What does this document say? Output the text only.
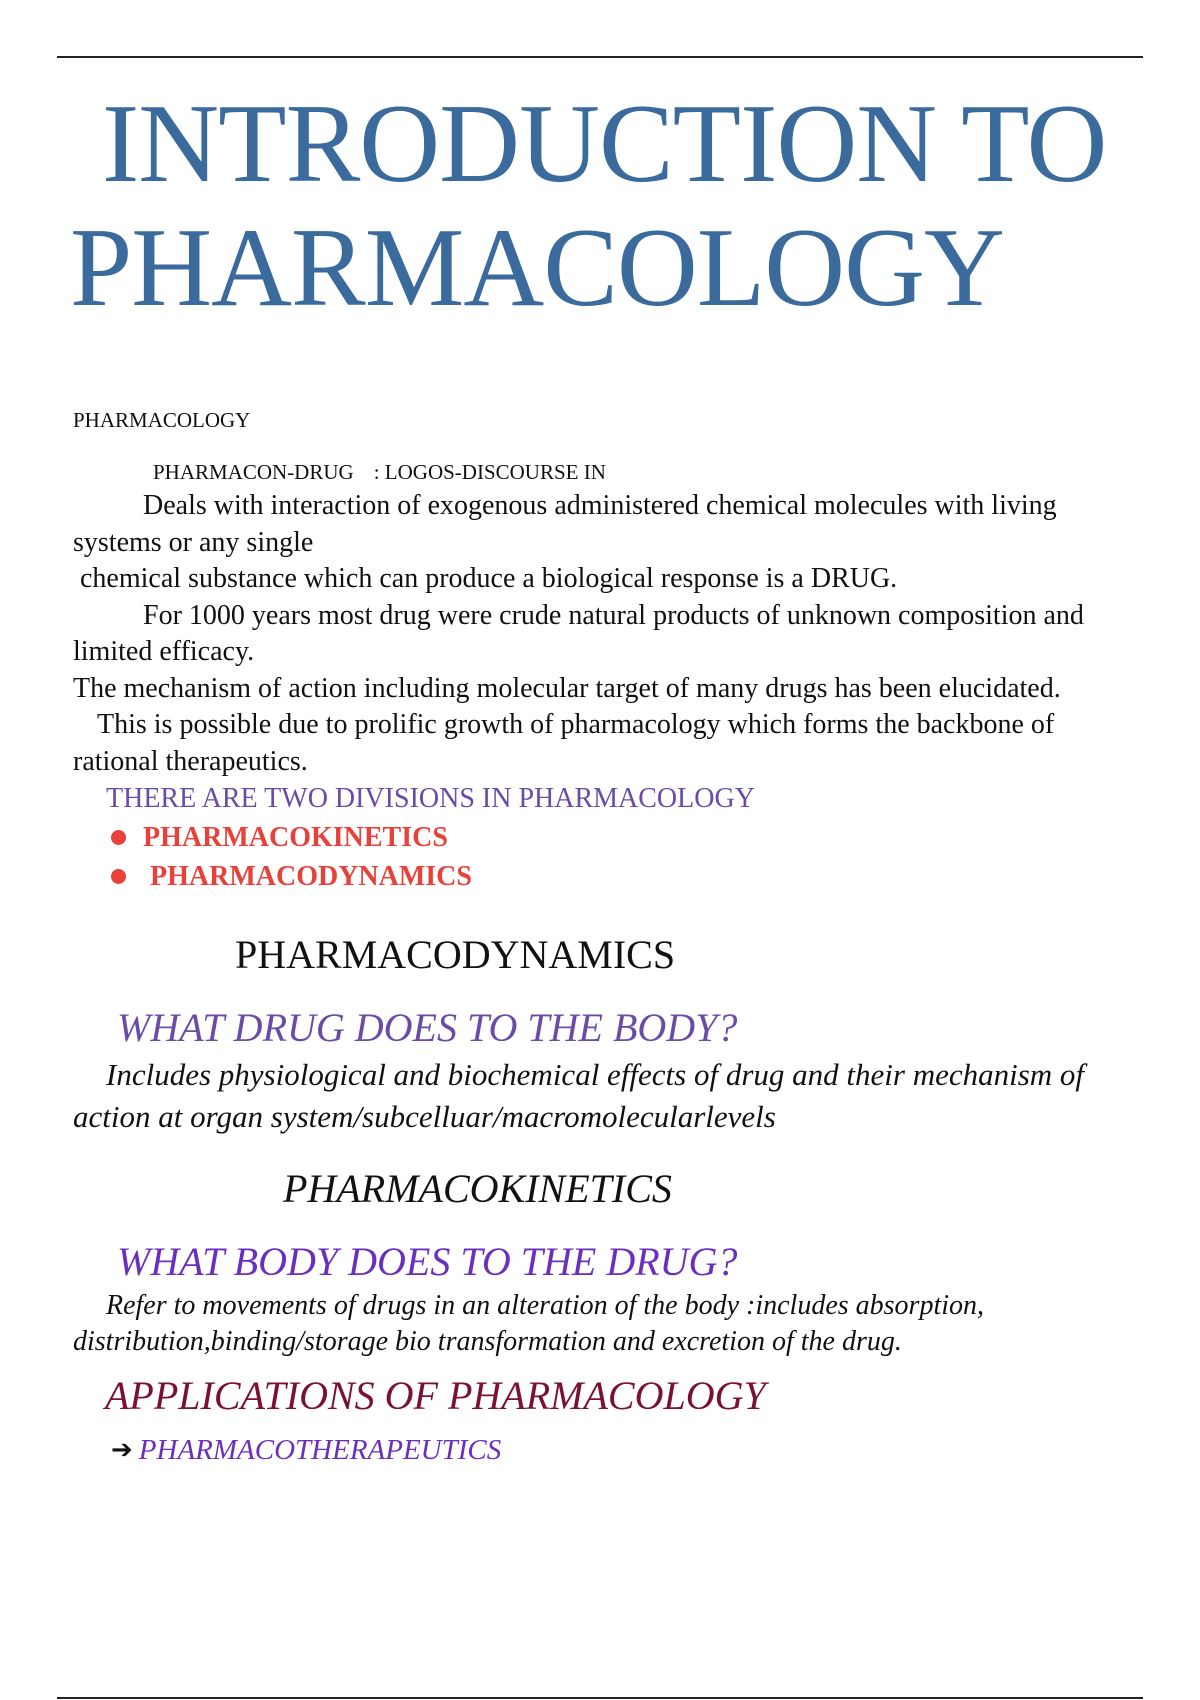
INTRODUCTION TO
PHARMACOLOGY

PHARMACOLOGY

PHARMACON-DRUG : LOGOS-DISCOURSE IN

Deals with interaction of exogenous administered chemical molecules with living systems or any single

chemical substance which can produce a biological response is a DRUG.

For 1000 years most drug were crude natural products of unknown composition and limited efficacy.

The mechanism of action including molecular target of many drugs has been elucidated.

This is possible due to prolific growth of pharmacology which forms the backbone of rational therapeutics.

THERE ARE TWO DIVISIONS IN PHARMACOLOGY

PHARMACOKINETICS
PHARMACODYNAMICS
PHARMACODYNAMICS

WHAT DRUG DOES TO THE BODY?

Includes physiological and biochemical effects of drug and their mechanism of action at organ system/subcelluar/macromolecularlevels

PHARMACOKINETICS

WHAT BODY DOES TO THE DRUG?

Refer to movements of drugs in an alteration of the body :includes absorption, distribution,binding/storage bio transformation and excretion of the drug.

APPLICATIONS OF PHARMACOLOGY

➔ PHARMACOTHERAPEUTICS
